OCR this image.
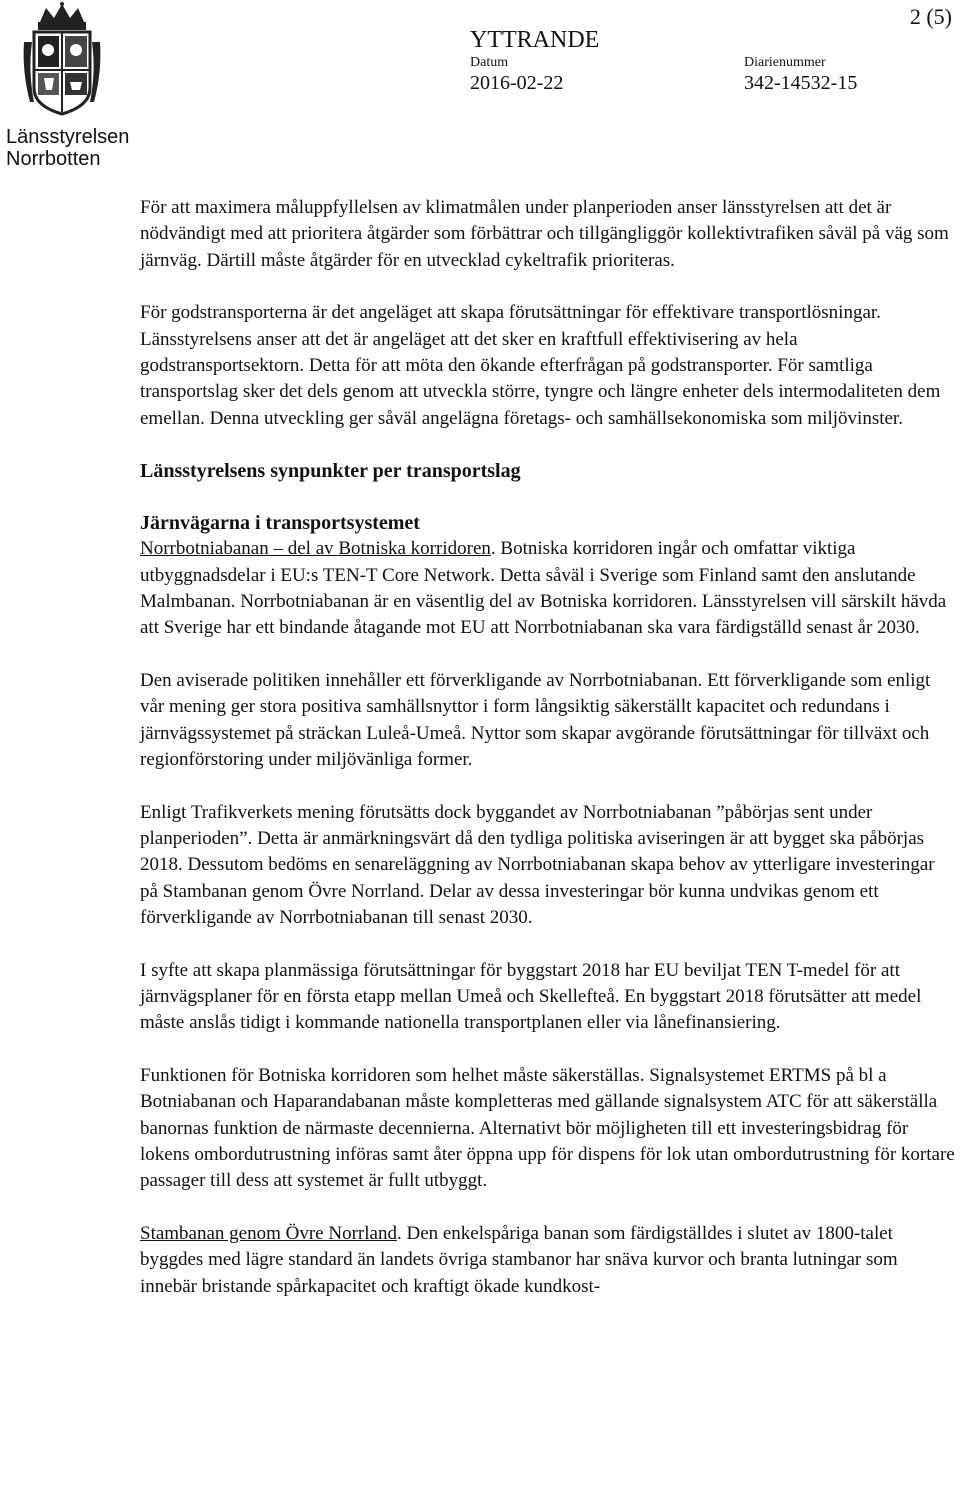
Länsstyrelsen
Norrbotten
YTTRANDE
Datum
2016-02-22
Diarienummer
342-14532-15
2 (5)

För att maximera måluppfyllelsen av klimatmålen under planperioden anser länsstyrelsen att det är nödvändigt med att prioritera åtgärder som förbättrar och tillgängliggör kollektivtrafiken såväl på väg som järnväg. Därtill måste åtgärder för en utvecklad cykeltrafik prioriteras.

För godstransporterna är det angeläget att skapa förutsättningar för effektivare transportlösningar. Länsstyrelsens anser att det är angeläget att det sker en kraftfull effektivisering av hela godstransportsektorn. Detta för att möta den ökande efterfrågan på godstransporter. För samtliga transportslag sker det dels genom att utveckla större, tyngre och längre enheter dels intermodaliteten dem emellan. Denna utveckling ger såväl angelägna företags- och samhällsekonomiska som miljövinster.

Länsstyrelsens synpunkter per transportslag
Järnvägarna i transportsystemet

Norrbotniabanan – del av Botniska korridoren. Botniska korridoren ingår och omfattar viktiga utbyggnadsdelar i EU:s TEN-T Core Network. Detta såväl i Sverige som Finland samt den anslutande Malmbanan. Norrbotniabanan är en väsentlig del av Botniska korridoren. Länsstyrelsen vill särskilt hävda att Sverige har ett bindande åtagande mot EU att Norrbotniabanan ska vara färdigställd senast år 2030.

Den aviserade politiken innehåller ett förverkligande av Norrbotniabanan. Ett förverkligande som enligt vår mening ger stora positiva samhällsnyttor i form långsiktig säkerställt kapacitet och redundans i järnvägssystemet på sträckan Luleå-Umeå. Nyttor som skapar avgörande förutsättningar för tillväxt och regionförstoring under miljövänliga former.

Enligt Trafikverkets mening förutsätts dock byggandet av Norrbotniabanan ”påbörjas sent under planperioden”. Detta är anmärkningsvärt då den tydliga politiska aviseringen är att bygget ska påbörjas 2018. Dessutom bedöms en senareläggning av Norrbotniabanan skapa behov av ytterligare investeringar på Stambanan genom Övre Norrland. Delar av dessa investeringar bör kunna undvikas genom ett förverkligande av Norrbotniabanan till senast 2030.

I syfte att skapa planmässiga förutsättningar för byggstart 2018 har EU beviljat TEN T-medel för att järnvägsplaner för en första etapp mellan Umeå och Skellefteå. En byggstart 2018 förutsätter att medel måste anslås tidigt i kommande nationella transportplanen eller via lånefinansiering.

Funktionen för Botniska korridoren som helhet måste säkerställas. Signalsystemet ERTMS på bl a Botniabanan och Haparandabanan måste kompletteras med gällande signalsystem ATC för att säkerställa banornas funktion de närmaste decennierna. Alternativt bör möjligheten till ett investeringsbidrag för lokens ombordutrustning införas samt åter öppna upp för dispens för lok utan ombordutrustning för kortare passager till dess att systemet är fullt utbyggt.

Stambanan genom Övre Norrland. Den enkelspåriga banan som färdigställdes i slutet av 1800-talet byggdes med lägre standard än landets övriga stambanor har snäva kurvor och branta lutningar som innebär bristande spårkapacitet och kraftigt ökade kundkost-
